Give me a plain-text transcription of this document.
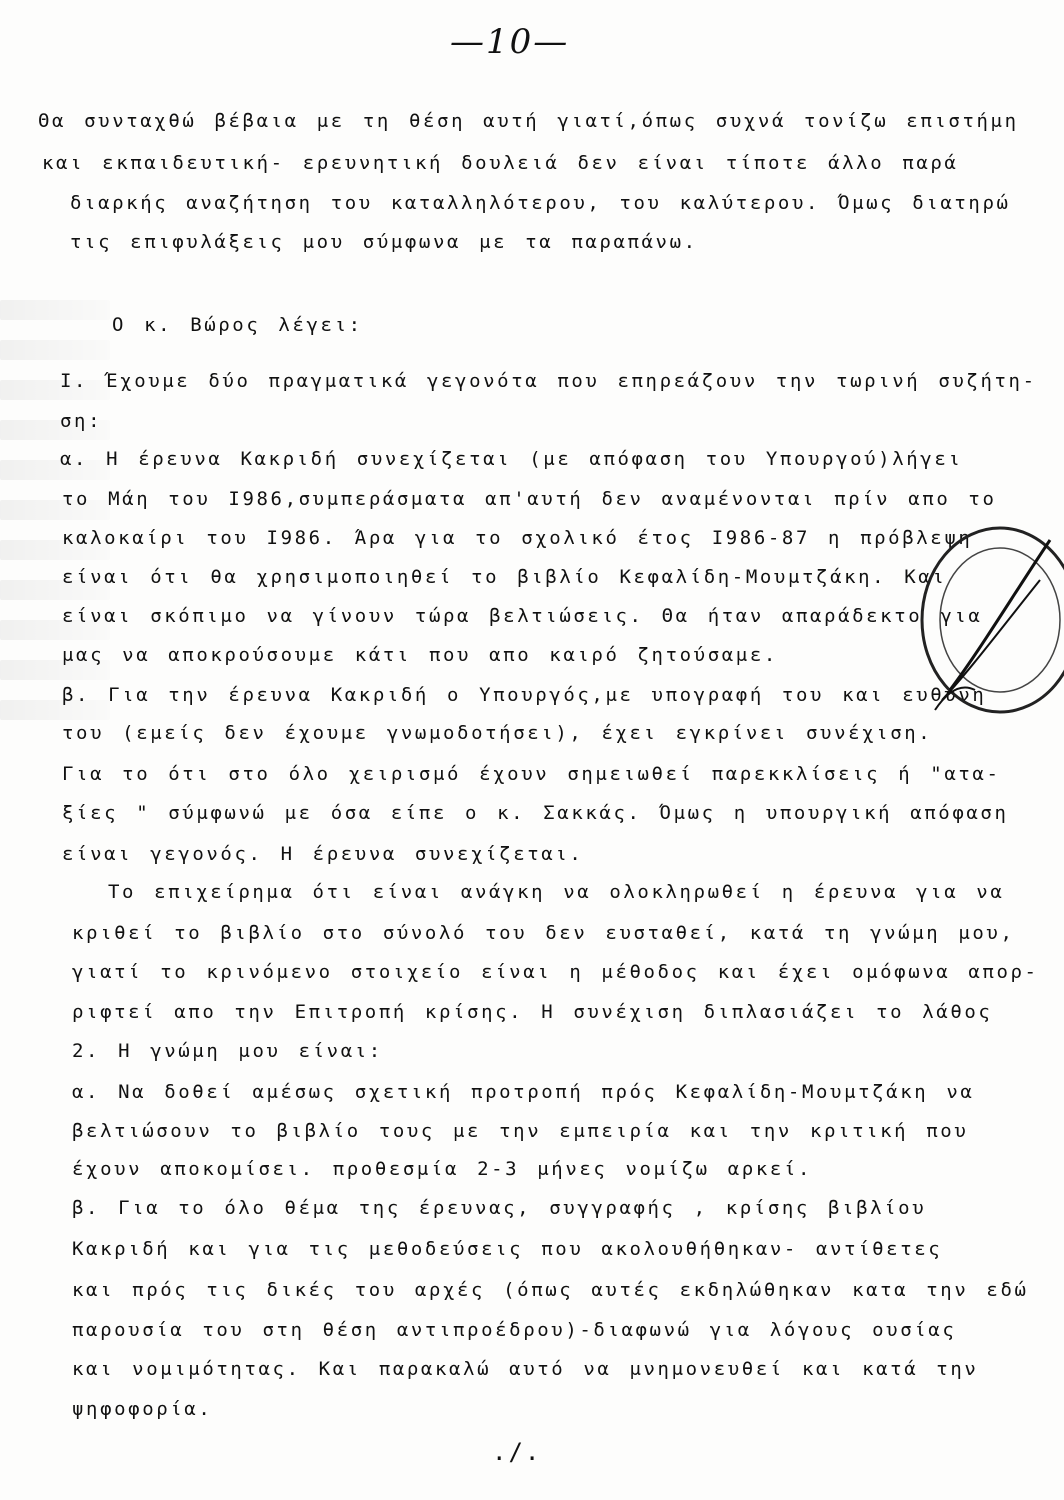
—10—
Θα συνταχθώ βέβαια με τη θέση αυτή γιατί,όπως συχνά τονίζω επιστήμη
και εκπαιδευτική- ερευνητική δουλειά δεν είναι τίποτε άλλο παρά
διαρκής αναζήτηση του καταλληλότερου, του καλύτερου. Όμως διατηρώ
τις επιφυλάξεις μου σύμφωνα με τα παραπάνω.
Ο κ. Βώρος λέγει:
Ι. Έχουμε δύο πραγματικά γεγονότα που επηρεάζουν την τωρινή συζήτη-
ση:
α. Η έρευνα Κακριδή συνεχίζεται (με απόφαση του Υπουργού)λήγει
το Μάη του Ι986,συμπεράσματα απ'αυτή δεν αναμένονται πρίν απο το
καλοκαίρι του Ι986. Άρα για το σχολικό έτος Ι986-87 η πρόβλεψη
είναι ότι θα χρησιμοποιηθεί το βιβλίο Κεφαλίδη-Μουμτζάκη. Και
είναι σκόπιμο να γίνουν τώρα βελτιώσεις. Θα ήταν απαράδεκτο για
μας να αποκρούσουμε κάτι που απο καιρό ζητούσαμε.
β. Για την έρευνα Κακριδή ο Υπουργός,με υπογραφή του και ευθύνη
του (εμείς δεν έχουμε γνωμοδοτήσει), έχει εγκρίνει συνέχιση.
Για το ότι στο όλο χειρισμό έχουν σημειωθεί παρεκκλίσεις ή "ατα-
ξίες " σύμφωνώ με όσα είπε ο κ. Σακκάς. Όμως η υπουργική απόφαση
είναι γεγονός. Η έρευνα συνεχίζεται.
Το επιχείρημα ότι είναι ανάγκη να ολοκληρωθεί η έρευνα για να
κριθεί το βιβλίο στο σύνολό του δεν ευσταθεί, κατά τη γνώμη μου,
γιατί το κρινόμενο στοιχείο είναι η μέθοδος και έχει ομόφωνα απορ-
ριφτεί απο την Επιτροπή κρίσης. Η συνέχιση διπλασιάζει το λάθος
2. Η γνώμη μου είναι:
α. Να δοθεί αμέσως σχετική προτροπή πρός Κεφαλίδη-Μουμτζάκη να
βελτιώσουν το βιβλίο τους με την εμπειρία και την κριτική που
έχουν αποκομίσει. προθεσμία 2-3 μήνες νομίζω αρκεί.
β. Για το όλο θέμα της έρευνας, συγγραφής , κρίσης βιβλίου
Κακριδή και για τις μεθοδεύσεις που ακολουθήθηκαν- αντίθετες
και πρός τις δικές του αρχές (όπως αυτές εκδηλώθηκαν κατα την εδώ
παρουσία του στη θέση αντιπροέδρου)-διαφωνώ για λόγους ουσίας
και νομιμότητας. Και παρακαλώ αυτό να μνημονευθεί και κατά την
ψηφοφορία.
./.
